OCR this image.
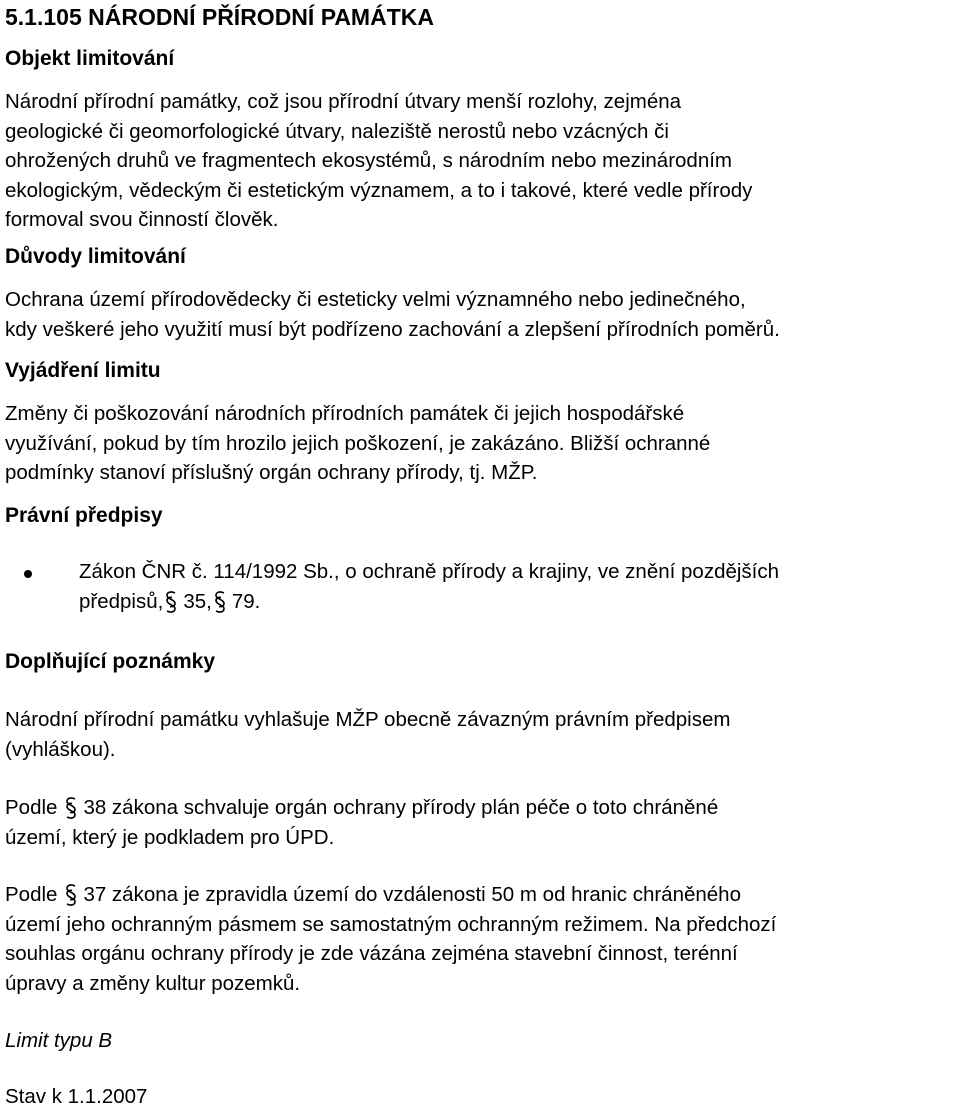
5.1.105 NÁRODNÍ PŘÍRODNÍ PAMÁTKA
Objekt limitování
Národní přírodní památky, což jsou přírodní útvary menší rozlohy, zejména
geologické či geomorfologické útvary, naleziště nerostů nebo vzácných či
ohrožených druhů ve fragmentech ekosystémů, s národním nebo mezinárodním
ekologickým, vědeckým či estetickým významem, a to i takové, které vedle přírody
formoval svou činností člověk.
Důvody limitování
Ochrana území přírodovědecky či esteticky velmi významného nebo jedinečného,
kdy veškeré jeho využití musí být podřízeno zachování a zlepšení přírodních poměrů.
Vyjádření limitu
Změny či poškozování národních přírodních památek či jejich hospodářské
využívání, pokud by tím hrozilo jejich poškození, je zakázáno. Bližší ochranné
podmínky stanoví příslušný orgán ochrany přírody, tj. MŽP.
Právní předpisy
Zákon ČNR č. 114/1992 Sb., o ochraně přírody a krajiny, ve znění pozdějších
předpisů, 35, 79.
Doplňující poznámky
Národní přírodní památku vyhlašuje MŽP obecně závazným právním předpisem
(vyhláškou).
Podle 38 zákona schvaluje orgán ochrany přírody plán péče o toto chráněné
území, který je podkladem pro ÚPD.
Podle 37 zákona je zpravidla území do vzdálenosti 50 m od hranic chráněného
území jeho ochranným pásmem se samostatným ochranným režimem. Na předchozí
souhlas orgánu ochrany přírody je zde vázána zejména stavební činnost, terénní
úpravy a změny kultur pozemků.
Limit typu B
Stav k 1.1.2007
